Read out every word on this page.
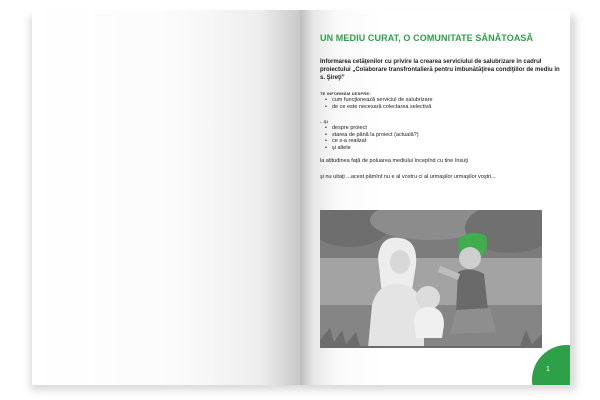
UN MEDIU CURAT, O COMUNITATE SĂNĂTOASĂ
Informarea cetăţenilor cu privire la crearea serviciului de salubrizare în cadrul proiectului „Colaborare transfrontalieră pentru îmbunătăţirea condiţiilor de mediu în s. Şireţi”
TE INFORMĂM DESPRE:
• cum funcţionează serviciul de salubrizare
• de ce este necesară colectarea selectivă
...ŞI
• despre proiect
• starea de până la proiect (actuală?)
• ce s-a realizat
• şi altele
la atitudinea faţă de poluarea mediului începînd cu tine însuţi
şi nu uitaţi ...acest pămînt nu e al vostru ci al urmaşilor urmaşilor voştri...
1
